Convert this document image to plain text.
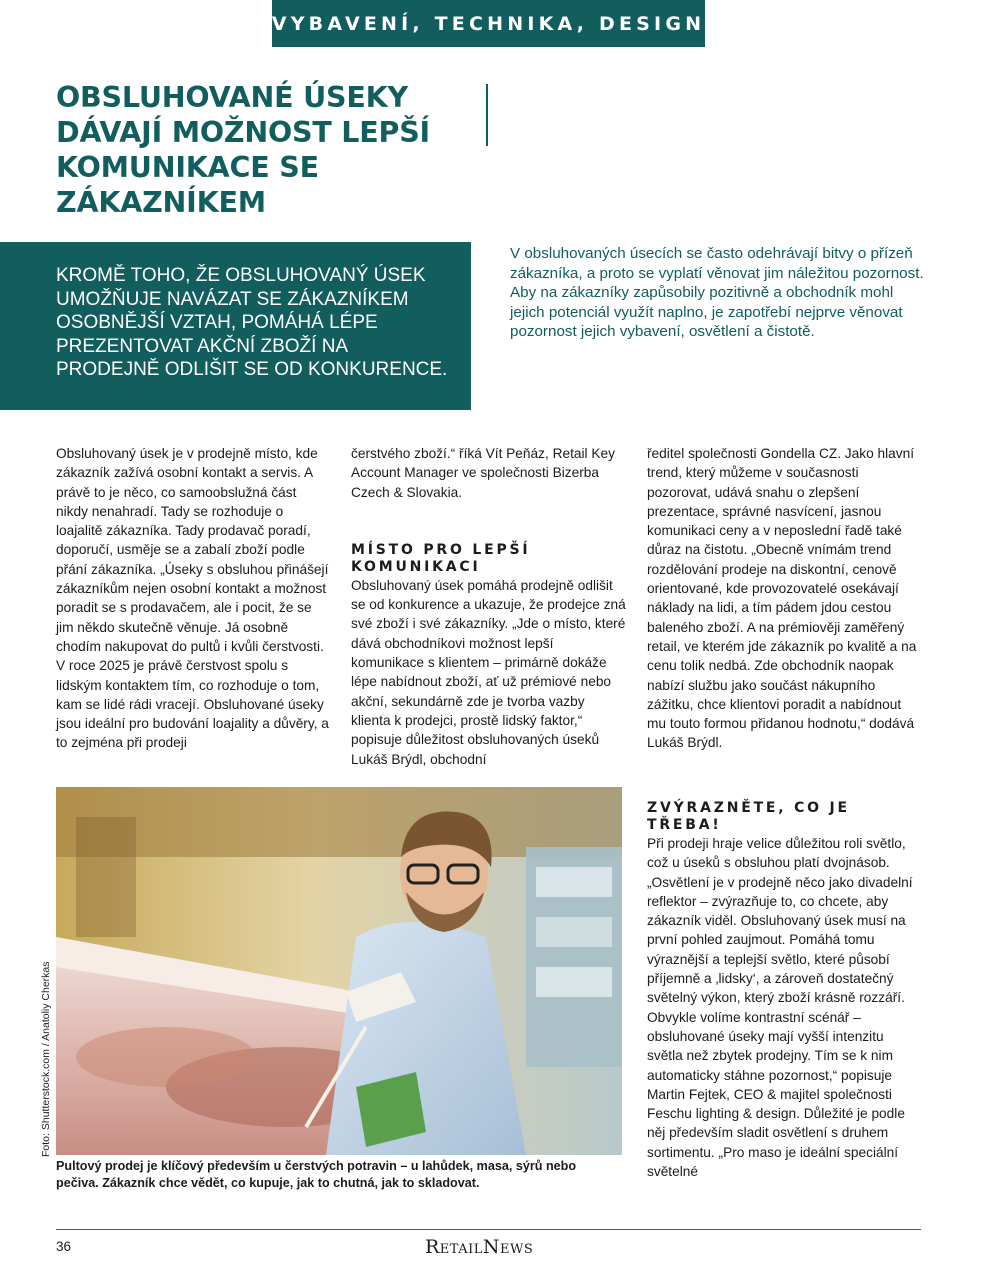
VYBAVENÍ, TECHNIKA, DESIGN
OBSLUHOVANÉ ÚSEKY DÁVAJÍ MOŽNOST LEPŠÍ KOMUNIKACE SE ZÁKAZNÍKEM

KROMĚ TOHO, ŽE OBSLUHOVANÝ ÚSEK UMOŽŇUJE NAVÁZAT SE ZÁKAZNÍKEM OSOBNĚJŠÍ VZTAH, POMÁHÁ LÉPE PREZENTOVAT AKČNÍ ZBOŽÍ NA PRODEJNĚ ODLIŠIT SE OD KONKURENCE.

V obsluhovaných úsecích se často odehrávají bitvy o přízeň zákazníka, a proto se vyplatí věnovat jim náležitou pozornost. Aby na zákazníky zapůsobily pozitivně a obchodník mohl jejich potenciál využít naplno, je zapotřebí nejprve věnovat pozornost jejich vybavení, osvětlení a čistotě.

Obsluhovaný úsek je v prodejně místo, kde zákazník zažívá osobní kontakt a servis. A právě to je něco, co samoobslužná část nikdy nenahradí. Tady se rozhoduje o loajalitě zákazníka. Tady prodavač poradí, doporučí, usměje se a zabalí zboží podle přání zákazníka. „Úseky s obsluhou přinášejí zákazníkům nejen osobní kontakt a možnost poradit se s prodavačem, ale i pocit, že se jim někdo skutečně věnuje. Já osobně chodím nakupovat do pultů i kvůli čerstvosti. V roce 2025 je právě čerstvost spolu s lidským kontaktem tím, co rozhoduje o tom, kam se lidé rádi vracejí. Obsluhované úseky jsou ideální pro budování loajality a důvěry, a to zejména při prodeji

čerstvého zboží.“ říká Vít Peňáz, Retail Key Account Manager ve společnosti Bizerba Czech & Slovakia.

MÍSTO PRO LEPŠÍ KOMUNIKACI

Obsluhovaný úsek pomáhá prodejně odlišit se od konkurence a ukazuje, že prodejce zná své zboží i své zákazníky. „Jde o místo, které dává obchodníkovi možnost lepší komunikace s klientem – primárně dokáže lépe nabídnout zboží, ať už prémiové nebo akční, sekundárně zde je tvorba vazby klienta k prodejci, prostě lidský faktor,“ popisuje důležitost obsluhovaných úseků Lukáš Brýdl, obchodní

ředitel společnosti Gondella CZ. Jako hlavní trend, který můžeme v současnosti pozorovat, udává snahu o zlepšení prezentace, správné nasvícení, jasnou komunikaci ceny a v neposlední řadě také důraz na čistotu. „Obecně vnímám trend rozdělování prodeje na diskontní, cenově orientované, kde provozovatelé osekávají náklady na lidi, a tím pádem jdou cestou baleného zboží. A na prémiověji zaměřený retail, ve kterém jde zákazník po kvalitě a na cenu tolik nedbá. Zde obchodník naopak nabízí službu jako součást nákupního zážitku, chce klientovi poradit a nabídnout mu touto formou přidanou hodnotu,“ dodává Lukáš Brýdl.

ZVÝRAZNĚTE, CO JE TŘEBA!

Při prodeji hraje velice důležitou roli světlo, což u úseků s obsluhou platí dvojnásob. „Osvětlení je v prodejně něco jako divadelní reflektor – zvýrazňuje to, co chcete, aby zákazník viděl. Obsluhovaný úsek musí na první pohled zaujmout. Pomáhá tomu výraznější a teplejší světlo, které působí příjemně a ‚lidsky‘, a zároveň dostatečný světelný výkon, který zboží krásně rozzáří. Obvykle volíme kontrastní scénář – obsluhované úseky mají vyšší intenzitu světla než zbytek prodejny. Tím se k nim automaticky stáhne pozornost,“ popisuje Martin Fejtek, CEO & majitel společnosti Feschu lighting & design. Důležité je podle něj především sladit osvětlení s druhem sortimentu. „Pro maso je ideální speciální světelné

Foto: Shutterstock.com / Anatoliy Cherkas

Pultový prodej je klíčový především u čerstvých potravin – u lahůdek, masa, sýrů nebo pečiva. Zákazník chce vědět, co kupuje, jak to chutná, jak to skladovat.

36	RetailNews
